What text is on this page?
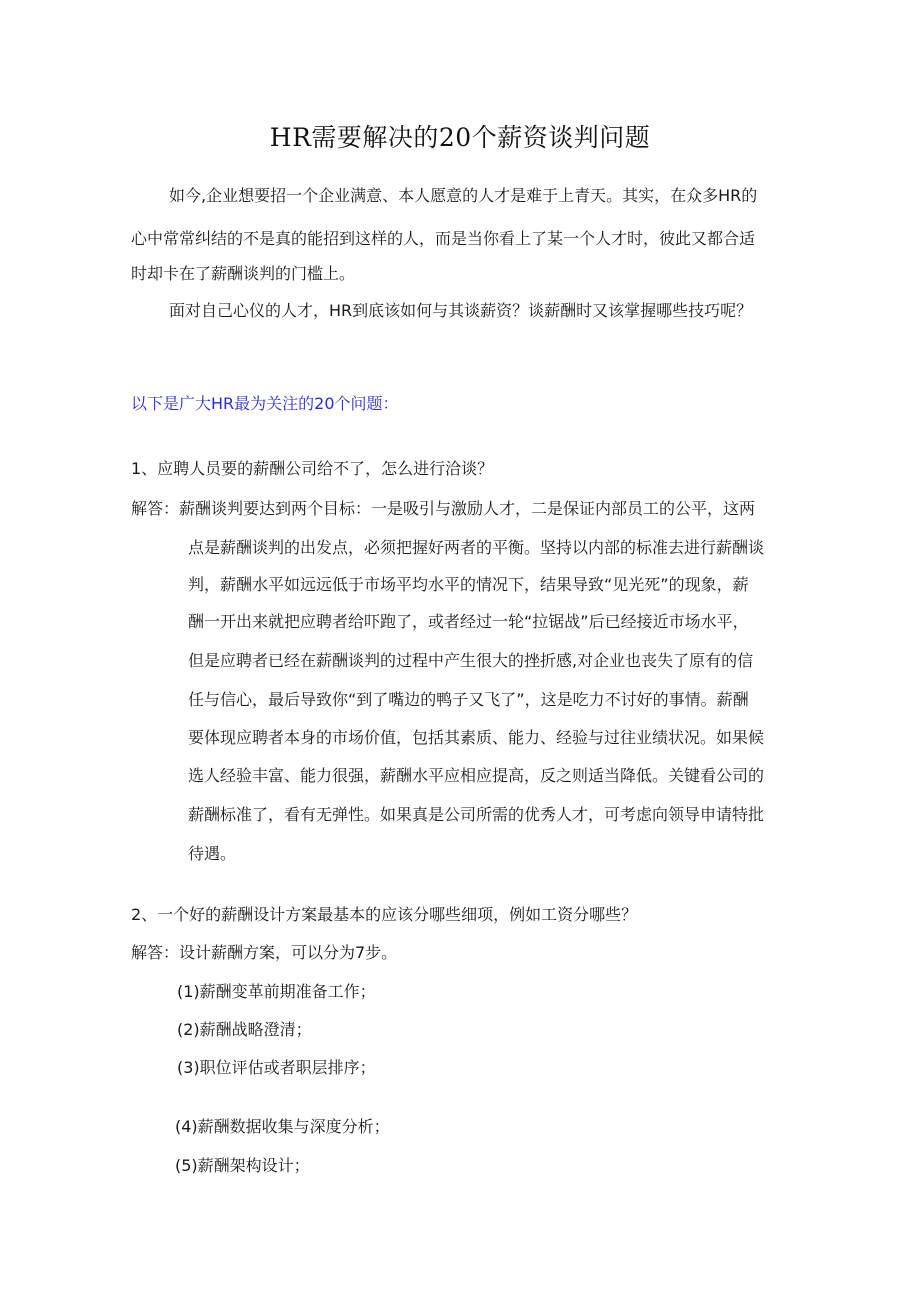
HR需要解决的20个薪资谈判问题
如今,企业想要招一个企业满意、本人愿意的人才是难于上青天。其实，在众多HR的
心中常常纠结的不是真的能招到这样的人，而是当你看上了某一个人才时，彼此又都合适
时却卡在了薪酬谈判的门槛上。
面对自己心仪的人才，HR到底该如何与其谈薪资？谈薪酬时又该掌握哪些技巧呢？
以下是广大HR最为关注的20个问题：
1、应聘人员要的薪酬公司给不了，怎么进行洽谈？
解答：薪酬谈判要达到两个目标：一是吸引与激励人才，二是保证内部员工的公平，这两
点是薪酬谈判的出发点，必须把握好两者的平衡。坚持以内部的标准去进行薪酬谈
判，薪酬水平如远远低于市场平均水平的情况下，结果导致“见光死”的现象，薪
酬一开出来就把应聘者给吓跑了，或者经过一轮“拉锯战”后已经接近市场水平，
但是应聘者已经在薪酬谈判的过程中产生很大的挫折感,对企业也丧失了原有的信
任与信心，最后导致你“到了嘴边的鸭子又飞了”，这是吃力不讨好的事情。薪酬
要体现应聘者本身的市场价值，包括其素质、能力、经验与过往业绩状况。如果候
选人经验丰富、能力很强，薪酬水平应相应提高，反之则适当降低。关键看公司的
薪酬标准了，看有无弹性。如果真是公司所需的优秀人才，可考虑向领导申请特批
待遇。
2、一个好的薪酬设计方案最基本的应该分哪些细项，例如工资分哪些？
解答：设计薪酬方案，可以分为7步。
(1)薪酬变革前期准备工作；
(2)薪酬战略澄清；
(3)职位评估或者职层排序；
(4)薪酬数据收集与深度分析；
(5)薪酬架构设计；
